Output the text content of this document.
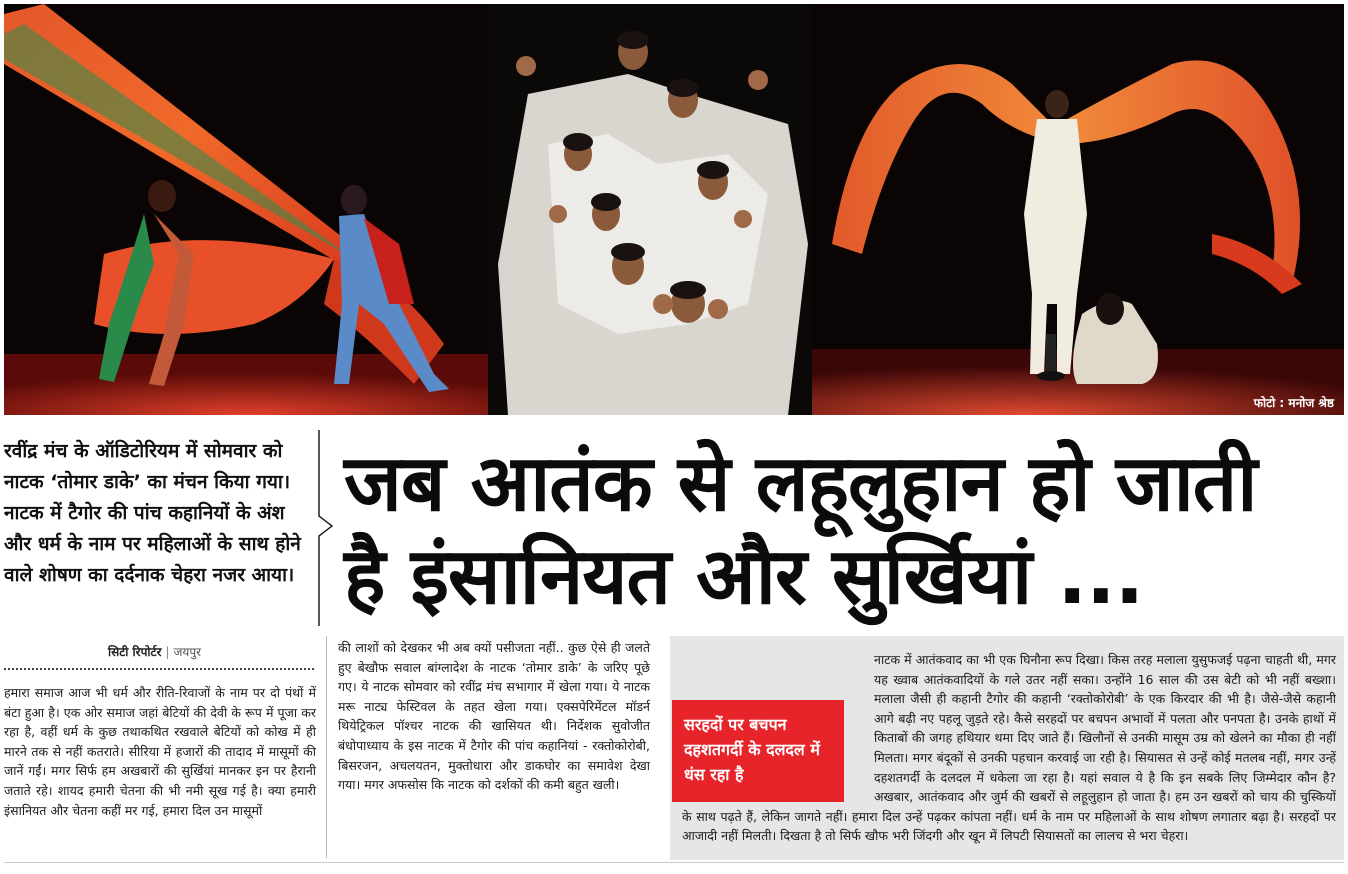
फोटो : मनोज श्रेष्ठ
रवींद्र मंच के ऑडिटोरियम में सोमवार को नाटक ‘तोमार डाके’ का मंचन किया गया। नाटक में टैगोर की पांच कहानियों के अंश और धर्म के नाम पर महिलाओं के साथ होने वाले शोषण का दर्दनाक चेहरा नजर आया।
जब आतंक से लहूलुहान हो जाती
है इंसानियत और सुर्खियां ...
सिटी रिपोर्टर | जयपुर
हमारा समाज आज भी धर्म और रीति-रिवाजों के नाम पर दो पंथों में बंटा हुआ है। एक ओर समाज जहां बेटियों की देवी के रूप में पूजा कर रहा है, वहीं धर्म के कुछ तथाकथित रखवाले बेटियों को कोख में ही मारने तक से नहीं कतराते। सीरिया में हजारों की तादाद में मासूमों की जानें गईं। मगर सिर्फ हम अखबारों की सुर्खियां मानकर इन पर हैरानी जताते रहे। शायद हमारी चेतना की भी नमी सूख गई है। क्या हमारी इंसानियत और चेतना कहीं मर गई, हमारा दिल उन मासूमों
की लाशों को देखकर भी अब क्यों पसीजता नहीं.. कुछ ऐसे ही जलते हुए बेखौफ सवाल बांग्लादेश के नाटक ‘तोमार डाके’ के जरिए पूछे गए। ये नाटक सोमवार को रवींद्र मंच सभागार में खेला गया। ये नाटक मरू नाट्य फेस्टिवल के तहत खेला गया। एक्सपेरिमेंटल मॉडर्न थियेट्रिकल पॉश्चर नाटक की खासियत थी। निर्देशक सुवोजीत बंधोपाध्याय के इस नाटक में टैगोर की पांच कहानियां - रक्तोकोरोबी, बिसरजन, अचलयतन, मुक्तोधारा और डाकघोर का समावेश देखा गया। मगर अफसोस कि नाटक को दर्शकों की कमी बहुत खली।
नाटक में आतंकवाद का भी एक घिनौना रूप दिखा। किस तरह मलाला युसुफजई पढ़ना चाहती थी, मगर यह ख्वाब आतंकवादियों के गले उतर नहीं सका। उन्होंने 16 साल की उस बेटी को भी नहीं बख्शा। मलाला जैसी ही कहानी टैगोर की कहानी ‘रक्तोकोरोबी’ के एक किरदार की भी है। जैसे-जैसे कहानी आगे बढ़ी नए पहलू जुड़ते रहे। कैसे सरहदों पर बचपन अभावों में पलता और पनपता है। उनके हाथों में किताबों की जगह हथियार थमा दिए जाते हैं। खिलौनों से उनकी मासूम उम्र को खेलने का मौका ही नहीं मिलता। मगर बंदूकों से उनकी पहचान करवाई जा रही है। सियासत से उन्हें कोई मतलब नहीं, मगर उन्हें दहशतगर्दी के दलदल में धकेला जा रहा है। यहां सवाल ये है कि इन सबके लिए जिम्मेदार कौन है? अखबार, आतंकवाद और जुर्म की खबरों से लहूलुहान हो जाता है। हम उन खबरों को चाय की चुस्कियों के साथ पढ़ते हैं, लेकिन जागते नहीं। हमारा दिल उन्हें पढ़कर कांपता नहीं। धर्म के नाम पर महिलाओं के साथ शोषण लगातार बढ़ा है। सरहदों पर आजादी नहीं मिलती। दिखता है तो सिर्फ खौफ भरी जिंदगी और खून में लिपटी सियासतों का लालच से भरा चेहरा।
सरहदों पर बचपन दहशतगर्दी के दलदल में धंस रहा है
